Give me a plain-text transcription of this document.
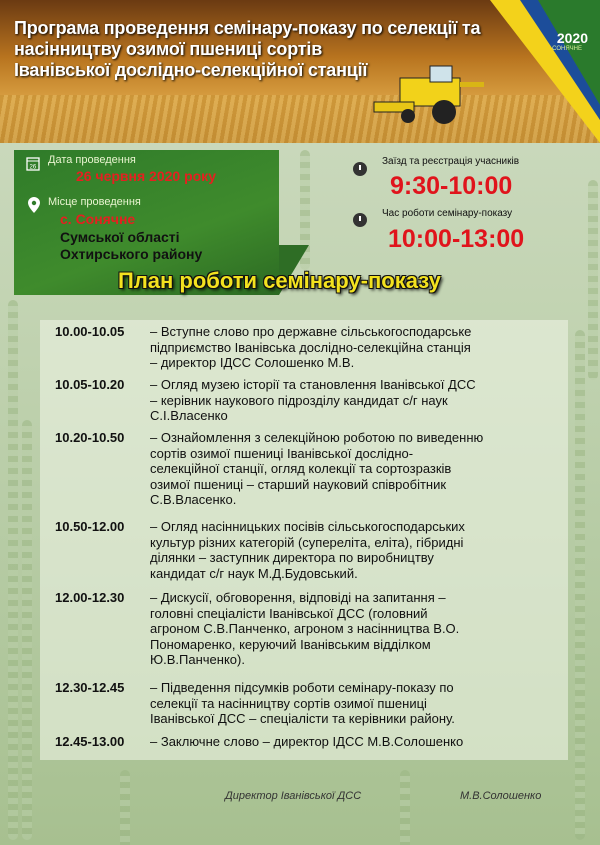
Програма проведення семінару-показу по селекції та
насінництву озимої пшениці сортів
Іванівської дослідно-селекційної станції
2020
СОНЯЧНЕ
26
Дата проведення
26 червня 2020 року
Місце проведення
с. Сонячне
Сумської області
Охтирського району
Заїзд та реєстрація учасників
9:30-10:00
Час роботи семінару-показу
10:00-13:00
План роботи семінару-показу
10.00-10.05 – Вступне слово про державне сільськогосподарське
підприємство Іванівська дослідно-селекційна станція
– директор ІДСС Солошенко М.В.
10.05-10.20 – Огляд музею історії та становлення Іванівської ДСС
– керівник наукового підрозділу кандидат с/г наук
С.І.Власенко
10.20-10.50 – Ознайомлення з селекційною роботою по виведенню
сортів озимої пшениці Іванівської дослідно-
селекційної станції, огляд колекції та сортозразків
озимої пшениці – старший науковий співробітник
С.В.Власенко.
10.50-12.00 – Огляд насінницьких посівів сільськогосподарських
культур різних категорій (супереліта, еліта), гібридні
ділянки – заступник директора по виробництву
кандидат с/г наук М.Д.Будовський.
12.00-12.30 – Дискусії, обговорення, відповіді на запитання –
головні спеціалісти Іванівської ДСС (головний
агроном С.В.Панченко, агроном з насінництва В.О.
Пономаренко, керуючий Іванівським відділком
Ю.В.Панченко).
12.30-12.45 – Підведення підсумків роботи семінару-показу по
селекції та насінництву сортів озимої пшениці
Іванівської ДСС – спеціалісти та керівники району.
12.45-13.00 – Заключне слово – директор ІДСС М.В.Солошенко
Директор Іванівської ДСС	М.В.Солошенко
